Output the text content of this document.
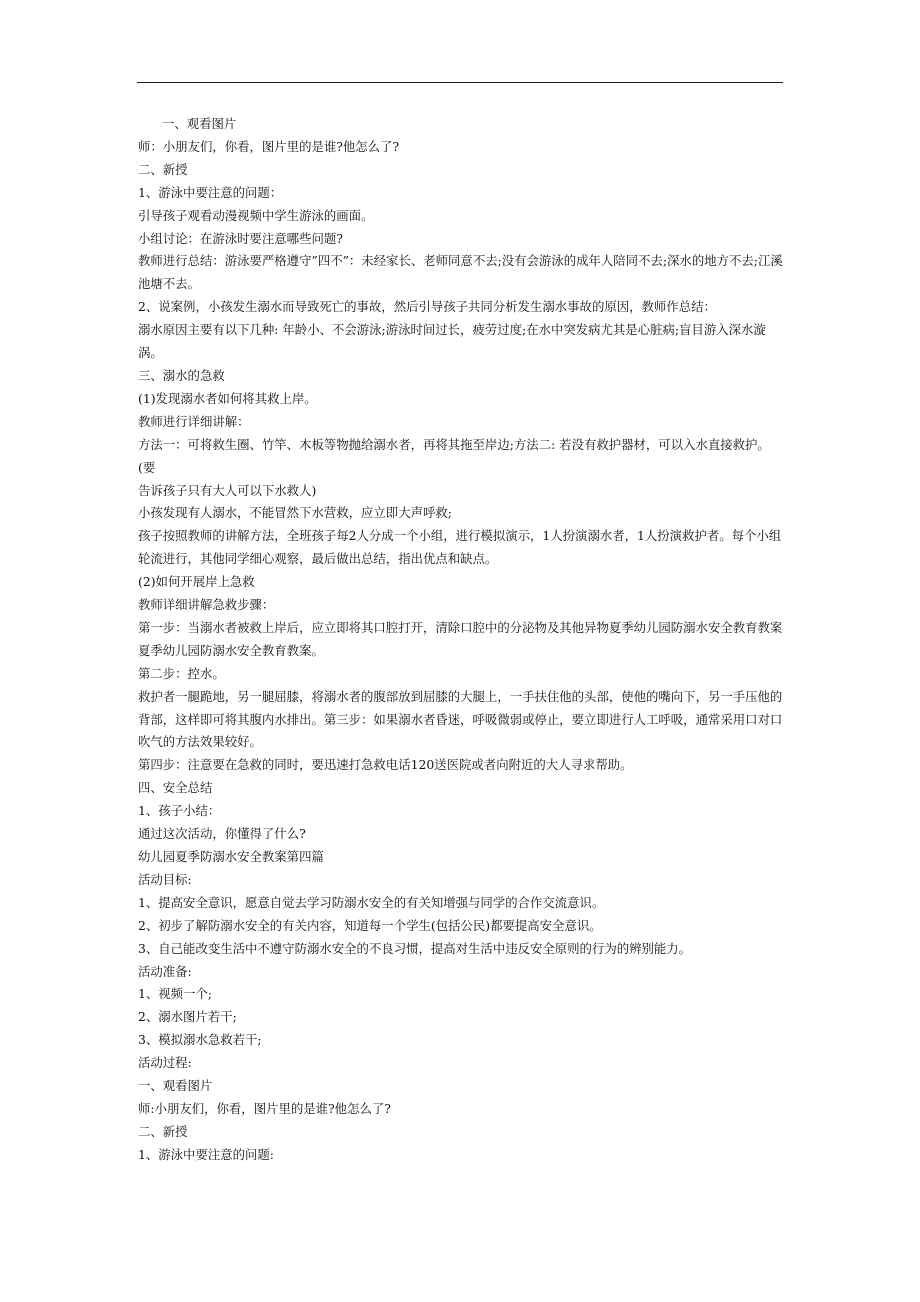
一、观看图片

师：小朋友们，你看，图片里的是谁?他怎么了?

二、新授

1、游泳中要注意的问题：

引导孩子观看动漫视频中学生游泳的画面。

小组讨论：在游泳时要注意哪些问题?

教师进行总结：游泳要严格遵守”四不”：未经家长、老师同意不去;没有会游泳的成年人陪同不去;深水的地方不去;江溪
池塘不去。

2、说案例，小孩发生溺水而导致死亡的事故，然后引导孩子共同分析发生溺水事故的原因，教师作总结：

溺水原因主要有以下几种: 年龄小、不会游泳;游泳时间过长，疲劳过度;在水中突发病尤其是心脏病;盲目游入深水漩涡。

三、溺水的急救

(1)发现溺水者如何将其救上岸。

教师进行详细讲解：

方法一：可将救生圈、竹竿、木板等物抛给溺水者，再将其拖至岸边;方法二: 若没有救护器材，可以入水直接救护。(要
告诉孩子只有大人可以下水救人)

小孩发现有人溺水，不能冒然下水营救，应立即大声呼救;

孩子按照教师的讲解方法，全班孩子每2人分成一个小组，进行模拟演示，1人扮演溺水者，1人扮演救护者。每个小组
轮流进行，其他同学细心观察，最后做出总结，指出优点和缺点。

(2)如何开展岸上急救

教师详细讲解急救步骤：

第一步：当溺水者被救上岸后，应立即将其口腔打开，清除口腔中的分泌物及其他异物夏季幼儿园防溺水安全教育教案
夏季幼儿园防溺水安全教育教案。

第二步：控水。

救护者一腿跪地，另一腿屈膝，将溺水者的腹部放到屈膝的大腿上，一手扶住他的头部，使他的嘴向下，另一手压他的
背部，这样即可将其腹内水排出。第三步：如果溺水者昏迷，呼吸微弱或停止，要立即进行人工呼吸，通常采用口对口
吹气的方法效果较好。

第四步：注意要在急救的同时，要迅速打急救电话120送医院或者向附近的大人寻求帮助。

四、安全总结

1、孩子小结：

通过这次活动，你懂得了什么?

幼儿园夏季防溺水安全教案第四篇

活动目标:

1、提高安全意识，愿意自觉去学习防溺水安全的有关知增强与同学的合作交流意识。

2、初步了解防溺水安全的有关内容，知道每一个学生(包括公民)都要提高安全意识。

3、自己能改变生活中不遵守防溺水安全的不良习惯，提高对生活中违反安全原则的行为的辨别能力。

活动准备:

1、视频一个;

2、溺水图片若干;

3、模拟溺水急救若干;

活动过程:

一、观看图片

师:小朋友们，你看，图片里的是谁?他怎么了?

二、新授

1、游泳中要注意的问题:
